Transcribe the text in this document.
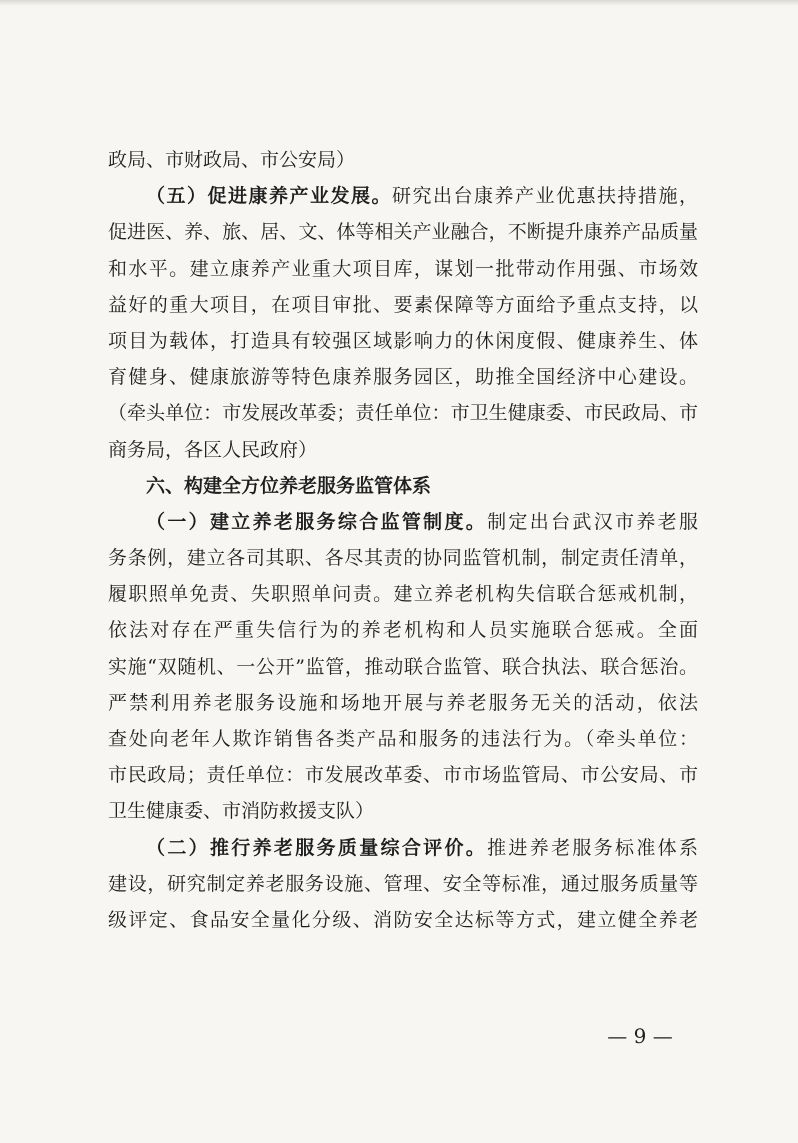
政局、市财政局、市公安局）
（五）促进康养产业发展。研究出台康养产业优惠扶持措施，
促进医、养、旅、居、文、体等相关产业融合，不断提升康养产品质量
和水平。建立康养产业重大项目库，谋划一批带动作用强、市场效
益好的重大项目，在项目审批、要素保障等方面给予重点支持，以
项目为载体，打造具有较强区域影响力的休闲度假、健康养生、体
育健身、健康旅游等特色康养服务园区，助推全国经济中心建设。
（牵头单位：市发展改革委；责任单位：市卫生健康委、市民政局、市
商务局，各区人民政府）
六、构建全方位养老服务监管体系
（一）建立养老服务综合监管制度。制定出台武汉市养老服
务条例，建立各司其职、各尽其责的协同监管机制，制定责任清单，
履职照单免责、失职照单问责。建立养老机构失信联合惩戒机制，
依法对存在严重失信行为的养老机构和人员实施联合惩戒。全面
实施“双随机、一公开”监管，推动联合监管、联合执法、联合惩治。
严禁利用养老服务设施和场地开展与养老服务无关的活动，依法
查处向老年人欺诈销售各类产品和服务的违法行为。（牵头单位：
市民政局；责任单位：市发展改革委、市市场监管局、市公安局、市
卫生健康委、市消防救援支队）
（二）推行养老服务质量综合评价。推进养老服务标准体系
建设，研究制定养老服务设施、管理、安全等标准，通过服务质量等
级评定、食品安全量化分级、消防安全达标等方式，建立健全养老
— 9 —
